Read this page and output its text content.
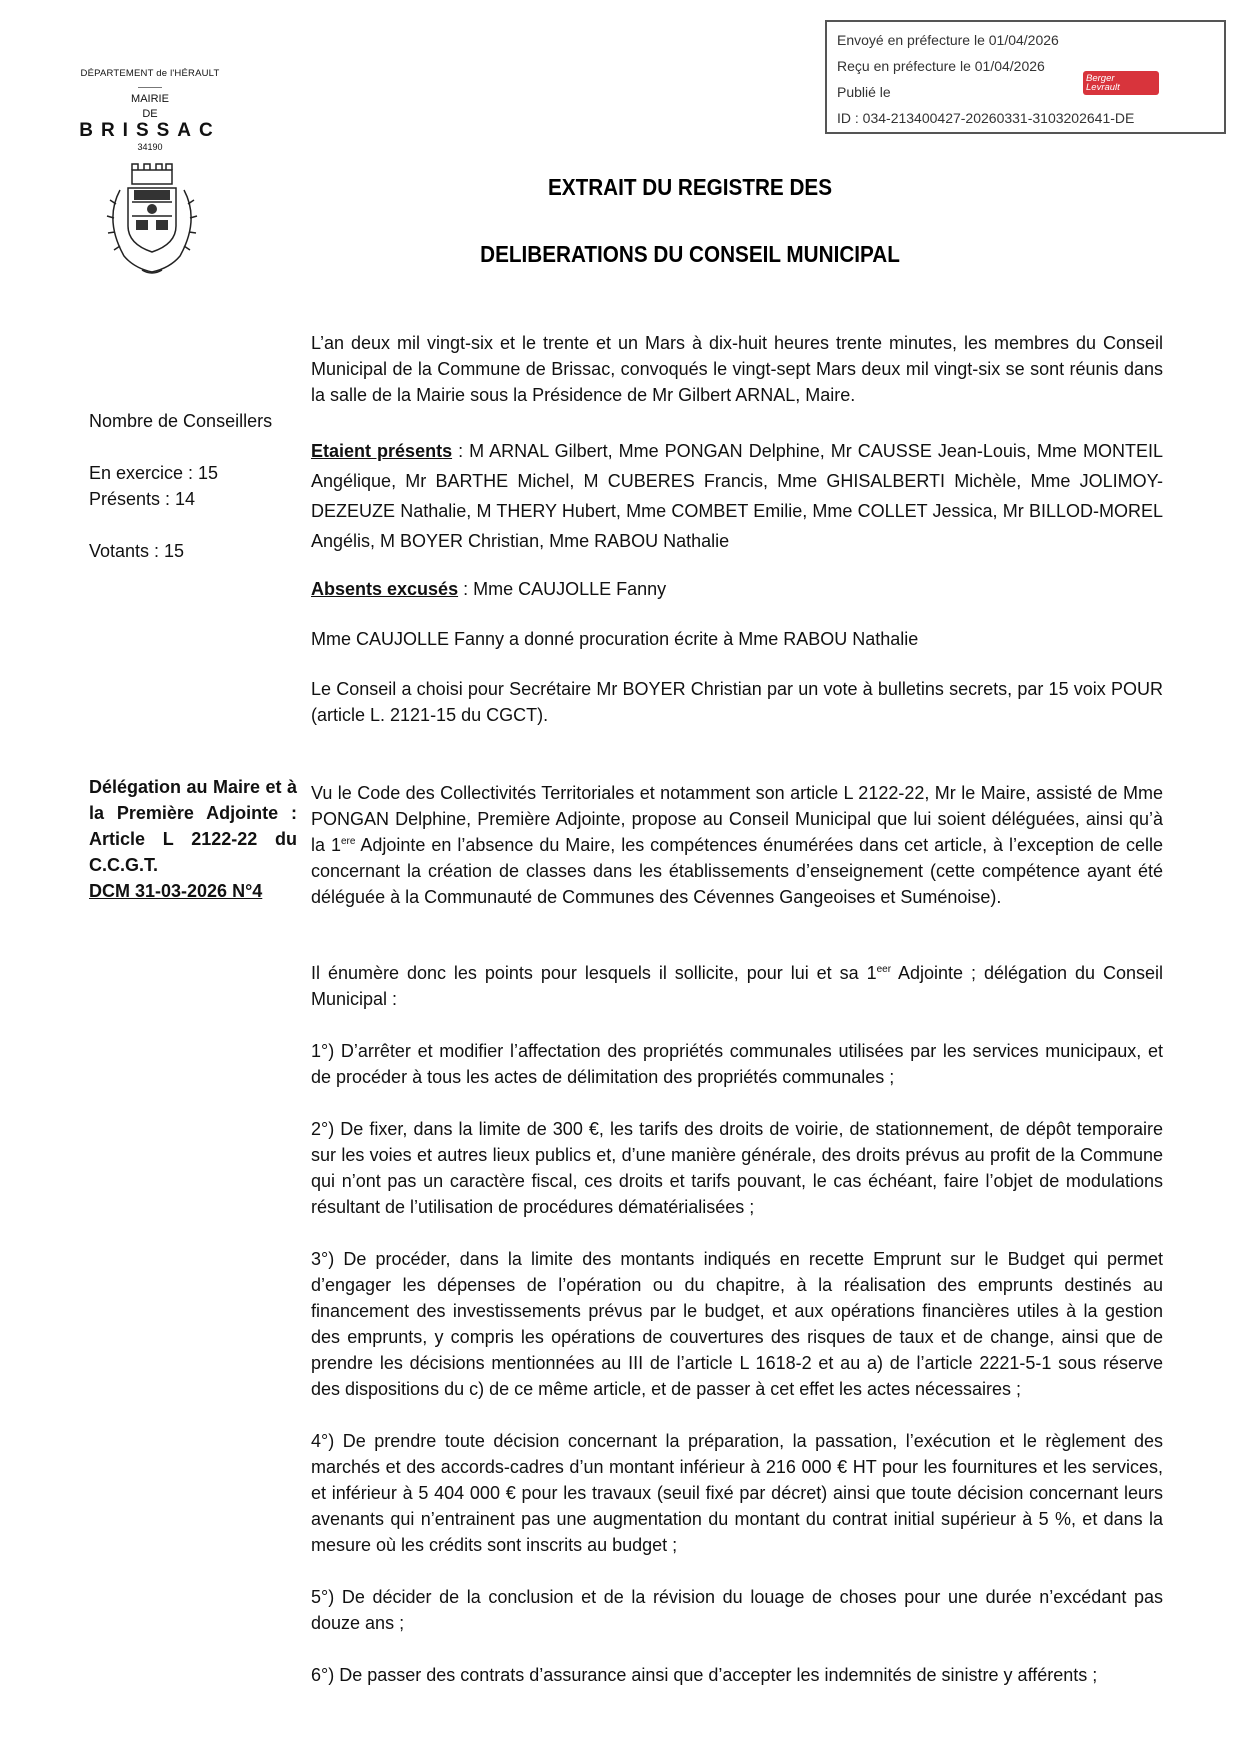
Envoyé en préfecture le 01/04/2026
Reçu en préfecture le 01/04/2026
Publié le
ID : 034-213400427-20260331-3103202641-DE
Berger
Levrault
DÉPARTEMENT de l'HÉRAULT
MAIRIE
DE
BRISSAC
34190
EXTRAIT DU REGISTRE DES
DELIBERATIONS DU CONSEIL MUNICIPAL
Nombre de Conseillers
En exercice : 15
Présents : 14
Votants : 15
L’an deux mil vingt-six et le trente et un Mars à dix-huit heures trente minutes, les membres du Conseil Municipal de la Commune de Brissac, convoqués le vingt-sept Mars deux mil vingt-six se sont réunis dans la salle de la Mairie sous la Présidence de Mr Gilbert ARNAL, Maire.
Etaient présents : M ARNAL Gilbert, Mme PONGAN Delphine, Mr CAUSSE Jean-Louis, Mme MONTEIL Angélique, Mr BARTHE Michel, M CUBERES Francis, Mme GHISALBERTI Michèle, Mme JOLIMOY-DEZEUZE Nathalie, M THERY Hubert, Mme COMBET Emilie, Mme COLLET Jessica, Mr BILLOD-MOREL Angélis, M BOYER Christian, Mme RABOU Nathalie
Absents excusés : Mme CAUJOLLE Fanny
Mme CAUJOLLE Fanny a donné procuration écrite à Mme RABOU Nathalie
Le Conseil a choisi pour Secrétaire Mr BOYER Christian par un vote à bulletins secrets, par 15 voix POUR (article L. 2121-15 du CGCT).
Délégation au Maire et à la Première Adjointe : Article L 2122-22 du C.C.G.T.
DCM 31-03-2026 N°4
Vu le Code des Collectivités Territoriales et notamment son article L 2122-22, Mr le Maire, assisté de Mme PONGAN Delphine, Première Adjointe, propose au Conseil Municipal que lui soient déléguées, ainsi qu’à la 1ere Adjointe en l’absence du Maire, les compétences énumérées dans cet article, à l’exception de celle concernant la création de classes dans les établissements d’enseignement (cette compétence ayant été déléguée à la Communauté de Communes des Cévennes Gangeoises et Suménoise).
Il énumère donc les points pour lesquels il sollicite, pour lui et sa $1^{eer}$ Adjointe ; délégation du Conseil Municipal :
1°) D’arrêter et modifier l’affectation des propriétés communales utilisées par les services municipaux, et de procéder à tous les actes de délimitation des propriétés communales ;
2°) De fixer, dans la limite de 300 €, les tarifs des droits de voirie, de stationnement, de dépôt temporaire sur les voies et autres lieux publics et, d’une manière générale, des droits prévus au profit de la Commune qui n’ont pas un caractère fiscal, ces droits et tarifs pouvant, le cas échéant, faire l’objet de modulations résultant de l’utilisation de procédures dématérialisées ;
3°) De procéder, dans la limite des montants indiqués en recette Emprunt sur le Budget qui permet d’engager les dépenses de l’opération ou du chapitre, à la réalisation des emprunts destinés au financement des investissements prévus par le budget, et aux opérations financières utiles à la gestion des emprunts, y compris les opérations de couvertures des risques de taux et de change, ainsi que de prendre les décisions mentionnées au III de l’article L 1618-2 et au a) de l’article 2221-5-1 sous réserve des dispositions du c) de ce même article, et de passer à cet effet les actes nécessaires ;
4°) De prendre toute décision concernant la préparation, la passation, l’exécution et le règlement des marchés et des accords-cadres d’un montant inférieur à 216 000 € HT pour les fournitures et les services, et inférieur à 5 404 000 € pour les travaux (seuil fixé par décret) ainsi que toute décision concernant leurs avenants qui n’entrainent pas une augmentation du montant du contrat initial supérieur à 5 %, et dans la mesure où les crédits sont inscrits au budget ;
5°) De décider de la conclusion et de la révision du louage de choses pour une durée n’excédant pas douze ans ;
6°) De passer des contrats d’assurance ainsi que d’accepter les indemnités de sinistre y afférents ;
